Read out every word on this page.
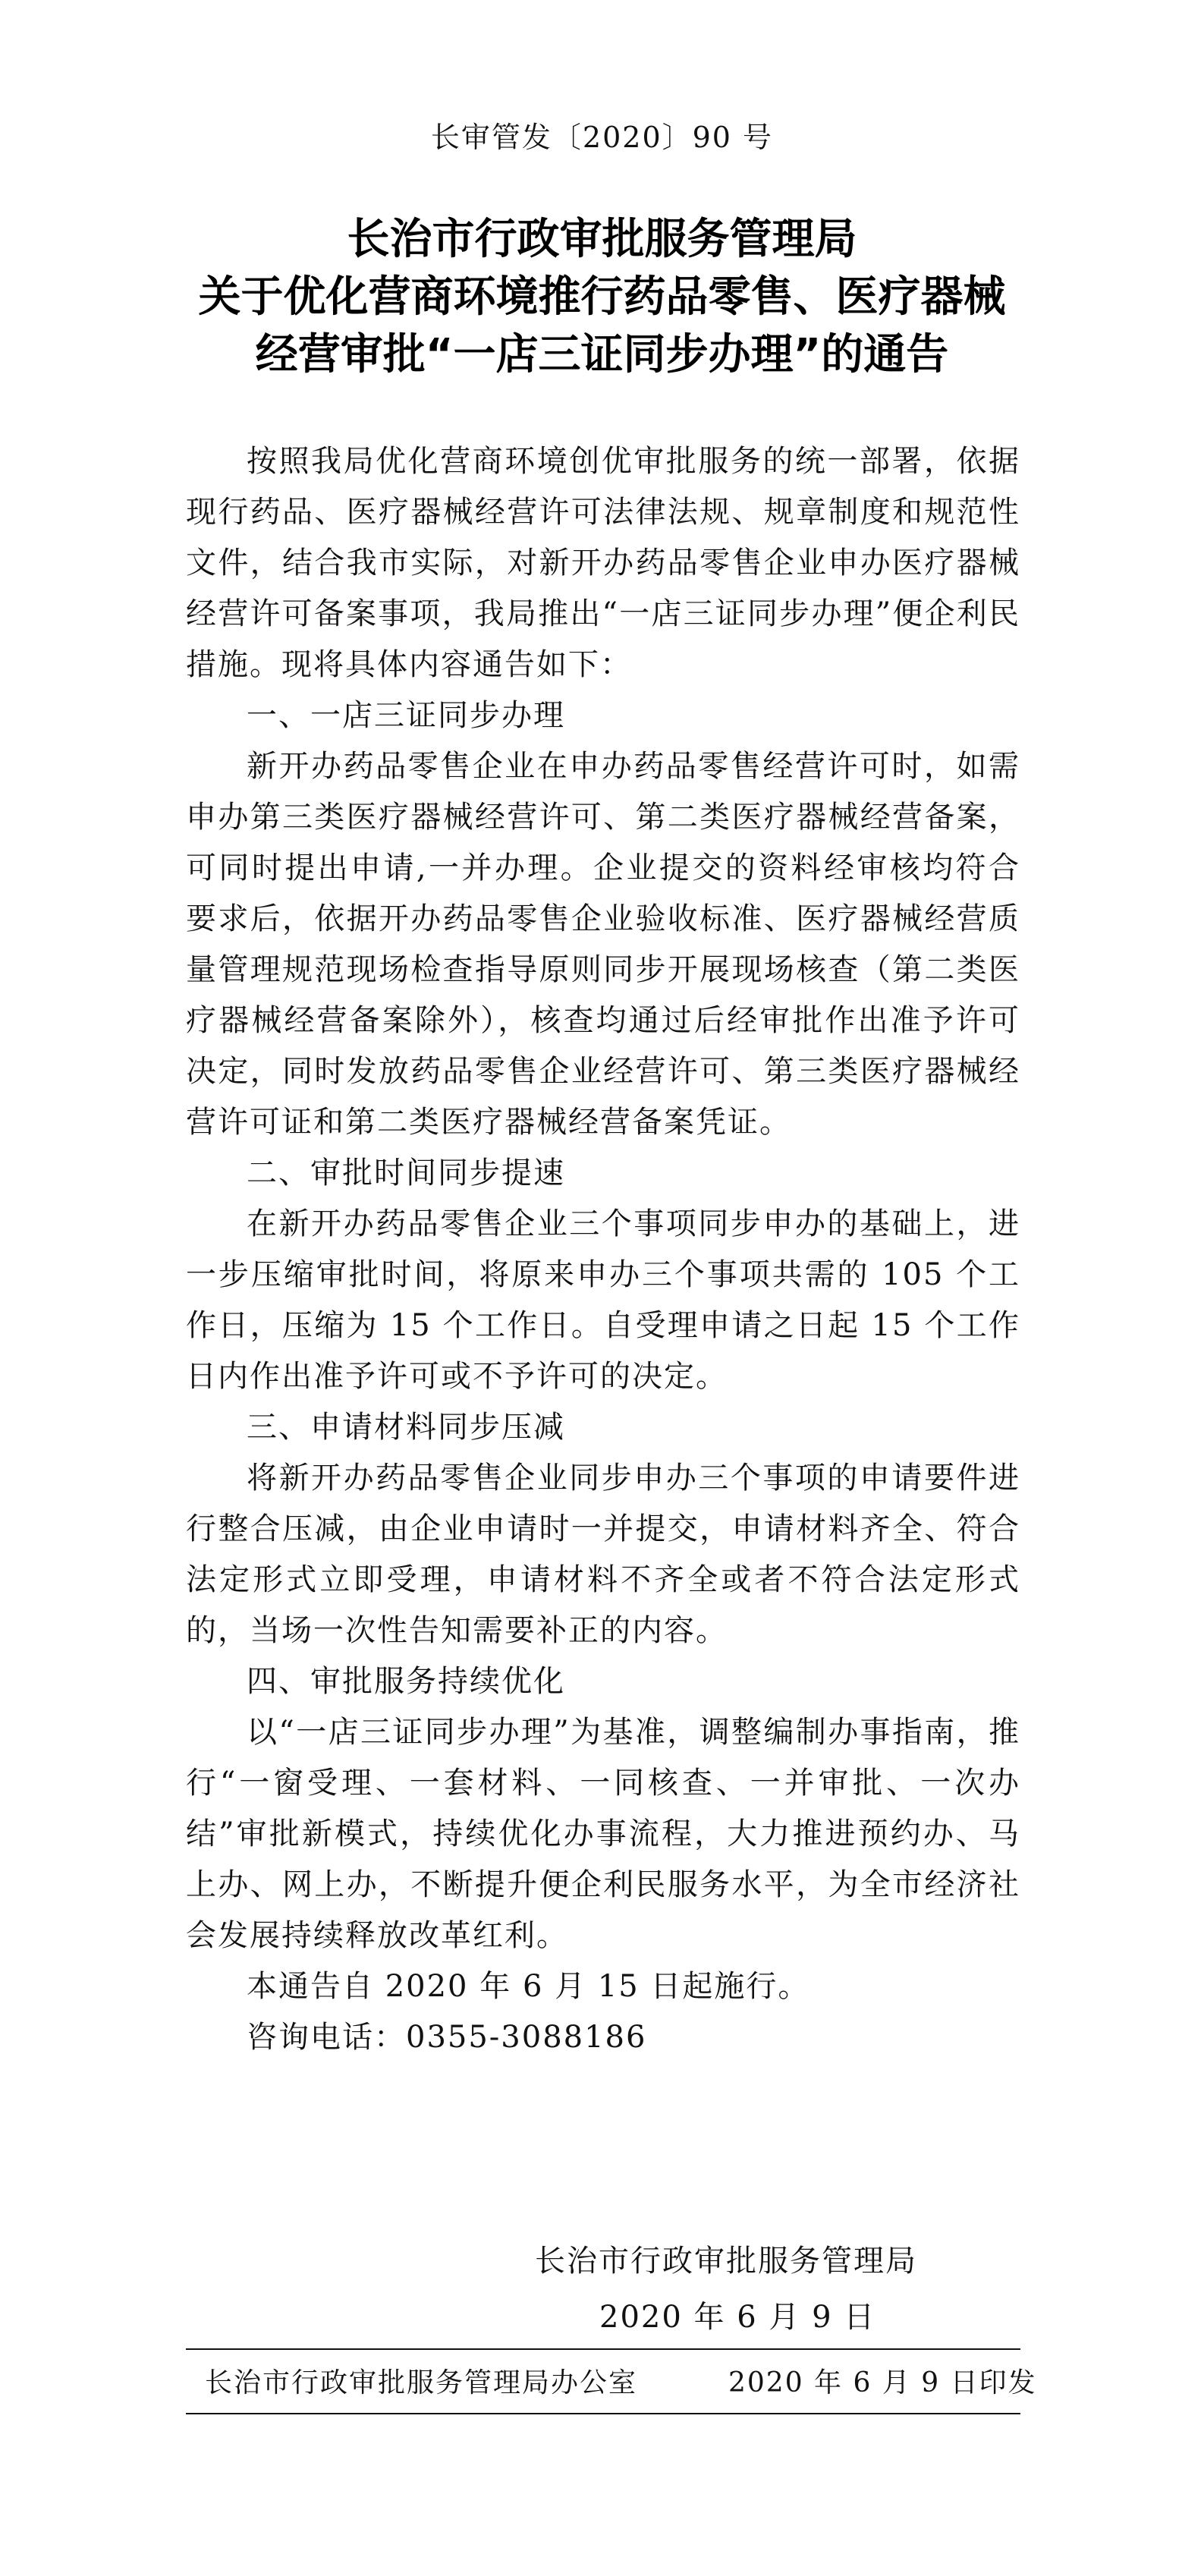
长审管发〔2020〕90 号
长治市行政审批服务管理局
关于优化营商环境推行药品零售、医疗器械
经营审批“一店三证同步办理”的通告

按照我局优化营商环境创优审批服务的统一部署，依据现行药品、医疗器械经营许可法律法规、规章制度和规范性文件，结合我市实际，对新开办药品零售企业申办医疗器械经营许可备案事项，我局推出“一店三证同步办理”便企利民措施。现将具体内容通告如下：

一、一店三证同步办理

新开办药品零售企业在申办药品零售经营许可时，如需申办第三类医疗器械经营许可、第二类医疗器械经营备案，可同时提出申请,一并办理。企业提交的资料经审核均符合要求后，依据开办药品零售企业验收标准、医疗器械经营质量管理规范现场检查指导原则同步开展现场核查（第二类医疗器械经营备案除外），核查均通过后经审批作出准予许可决定，同时发放药品零售企业经营许可、第三类医疗器械经营许可证和第二类医疗器械经营备案凭证。

二、审批时间同步提速

在新开办药品零售企业三个事项同步申办的基础上，进一步压缩审批时间，将原来申办三个事项共需的 105 个工作日，压缩为 15 个工作日。自受理申请之日起 15 个工作日内作出准予许可或不予许可的决定。

三、申请材料同步压减

将新开办药品零售企业同步申办三个事项的申请要件进行整合压减，由企业申请时一并提交，申请材料齐全、符合法定形式立即受理，申请材料不齐全或者不符合法定形式的，当场一次性告知需要补正的内容。

四、审批服务持续优化

以“一店三证同步办理”为基准，调整编制办事指南，推行“一窗受理、一套材料、一同核查、一并审批、一次办结”审批新模式，持续优化办事流程，大力推进预约办、马上办、网上办，不断提升便企利民服务水平，为全市经济社会发展持续释放改革红利。

本通告自 2020 年 6 月 15 日起施行。

咨询电话：0355-3088186

长治市行政审批服务管理局
2020 年 6 月 9 日
长治市行政审批服务管理局办公室	2020 年 6 月 9 日印发
